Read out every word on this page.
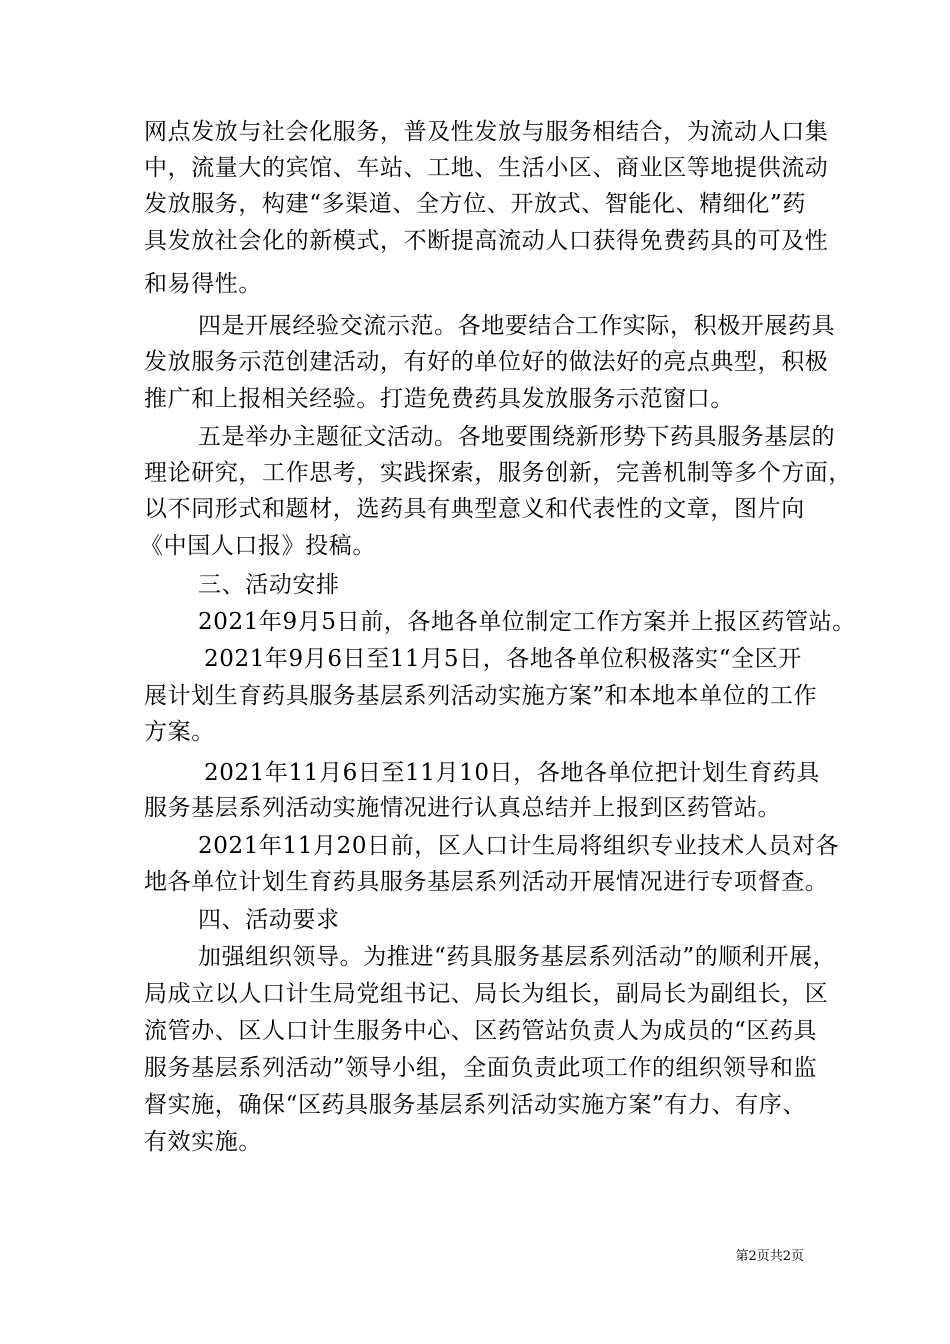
网点发放与社会化服务，普及性发放与服务相结合，为流动人口集
中，流量大的宾馆、车站、工地、生活小区、商业区等地提供流动
发放服务，构建“多渠道、全方位、开放式、智能化、精细化”药
具发放社会化的新模式，不断提高流动人口获得免费药具的可及性
和易得性。
四是开展经验交流示范。各地要结合工作实际，积极开展药具
发放服务示范创建活动，有好的单位好的做法好的亮点典型，积极
推广和上报相关经验。打造免费药具发放服务示范窗口。
五是举办主题征文活动。各地要围绕新形势下药具服务基层的
理论研究，工作思考，实践探索，服务创新，完善机制等多个方面，
以不同形式和题材，选药具有典型意义和代表性的文章，图片向
《中国人口报》投稿。
三、活动安排
2021年9月5日前，各地各单位制定工作方案并上报区药管站。
2021年9月6日至11月5日，各地各单位积极落实“全区开
展计划生育药具服务基层系列活动实施方案”和本地本单位的工作
方案。
2021年11月6日至11月10日，各地各单位把计划生育药具
服务基层系列活动实施情况进行认真总结并上报到区药管站。
2021年11月20日前，区人口计生局将组织专业技术人员对各
地各单位计划生育药具服务基层系列活动开展情况进行专项督查。
四、活动要求
加强组织领导。为推进“药具服务基层系列活动”的顺利开展，
局成立以人口计生局党组书记、局长为组长，副局长为副组长，区
流管办、区人口计生服务中心、区药管站负责人为成员的“区药具
服务基层系列活动”领导小组，全面负责此项工作的组织领导和监
督实施，确保“区药具服务基层系列活动实施方案”有力、有序、
有效实施。
第2页共2页
